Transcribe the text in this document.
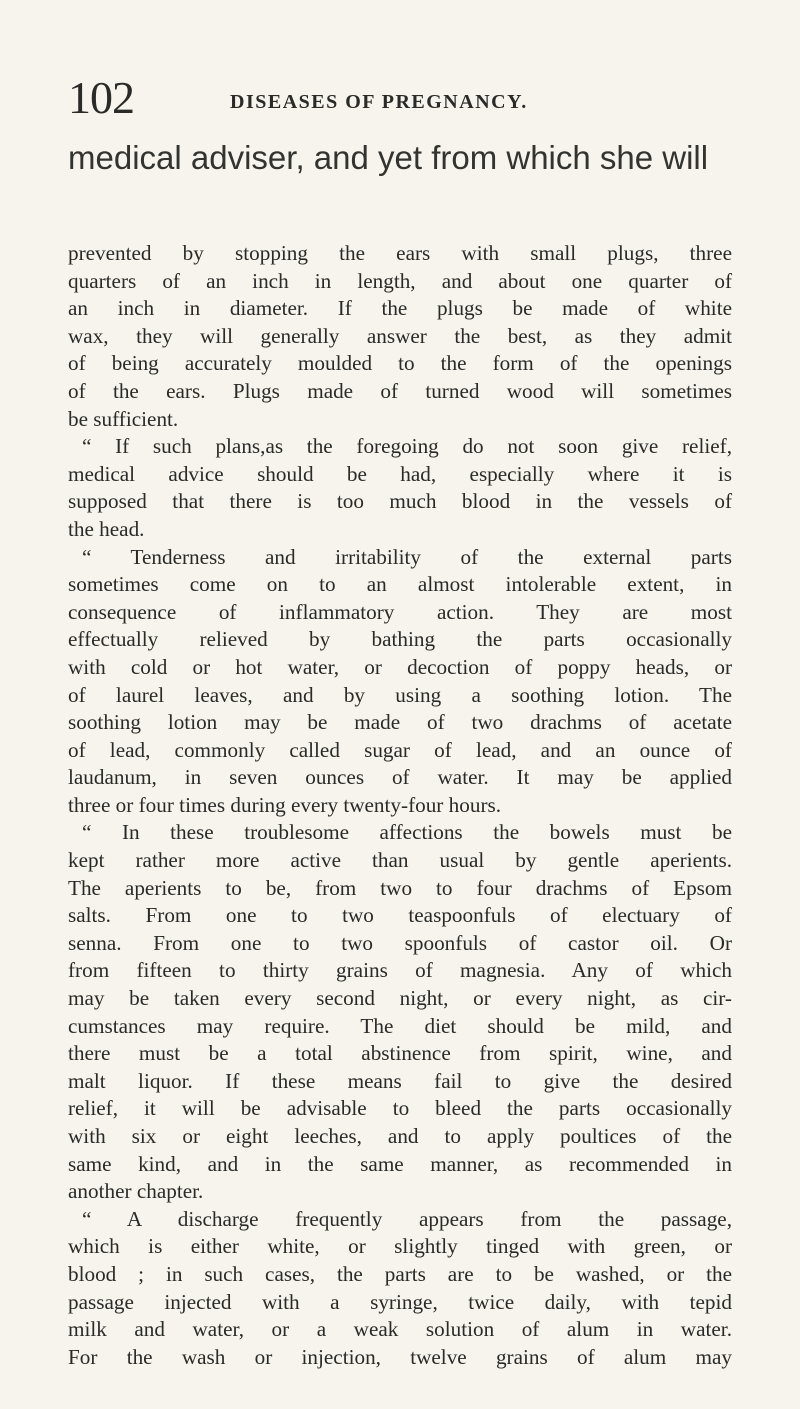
102	DISEASES OF PREGNANCY.
medical adviser, and yet from which she will
prevented by stopping the ears with small plugs, three
quarters of an inch in length, and about one quarter of
an inch in diameter. If the plugs be made of white
wax, they will generally answer the best, as they admit
of being accurately moulded to the form of the openings
of the ears. Plugs made of turned wood will sometimes
be sufficient.
“ If such plans,as the foregoing do not soon give relief,
medical advice should be had, especially where it is
supposed that there is too much blood in the vessels of
the head.
“ Tenderness and irritability of the external parts
sometimes come on to an almost intolerable extent, in
consequence of inflammatory action. They are most
effectually relieved by bathing the parts occasionally
with cold or hot water, or decoction of poppy heads, or
of laurel leaves, and by using a soothing lotion. The
soothing lotion may be made of two drachms of acetate
of lead, commonly called sugar of lead, and an ounce of
laudanum, in seven ounces of water. It may be applied
three or four times during every twenty-four hours.
“ In these troublesome affections the bowels must be
kept rather more active than usual by gentle aperients.
The aperients to be, from two to four drachms of Epsom
salts. From one to two teaspoonfuls of electuary of
senna. From one to two spoonfuls of castor oil. Or
from fifteen to thirty grains of magnesia. Any of which
may be taken every second night, or every night, as cir-
cumstances may require. The diet should be mild, and
there must be a total abstinence from spirit, wine, and
malt liquor. If these means fail to give the desired
relief, it will be advisable to bleed the parts occasionally
with six or eight leeches, and to apply poultices of the
same kind, and in the same manner, as recommended in
another chapter.
“ A discharge frequently appears from the passage,
which is either white, or slightly tinged with green, or
blood ; in such cases, the parts are to be washed, or the
passage injected with a syringe, twice daily, with tepid
milk and water, or a weak solution of alum in water.
For the wash or injection, twelve grains of alum may
